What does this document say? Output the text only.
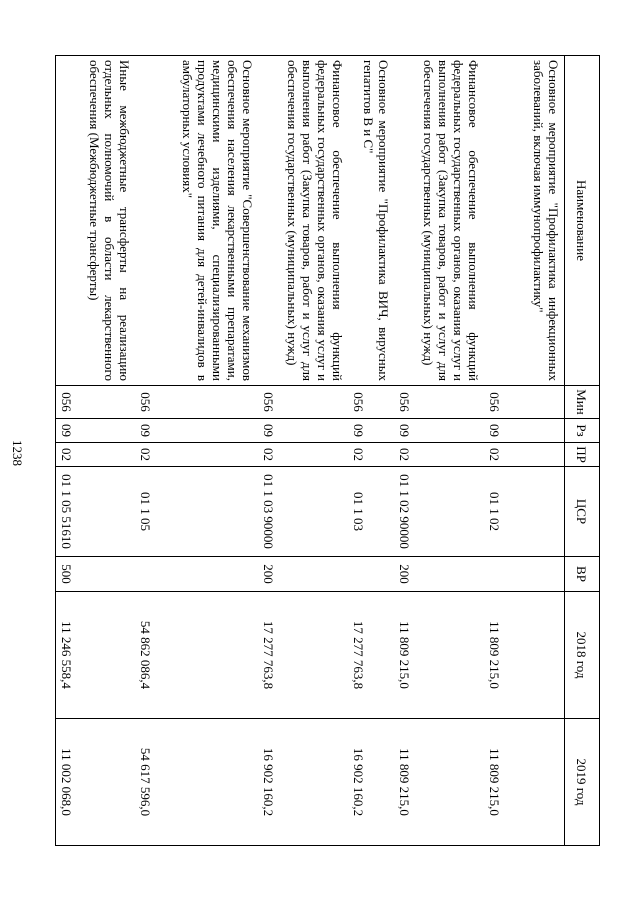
1238
Наименование	Мин	Рз	ПР	ЦСР	ВР	2018 год	2019 год
Основное мероприятие "Профилактика инфекционных заболеваний, включая иммунопрофилактику"	056	09	02	01 1 02		11 809 215,0	11 809 215,0
Финансовое обеспечение выполнения функций федеральных государственных органов, оказания услуг и выполнения работ (Закупка товаров, работ и услуг для обеспечения государственных (муниципальных) нужд)	056	09	02	01 1 02 90000	200	11 809 215,0	11 809 215,0
Основное мероприятие "Профилактика ВИЧ, вирусных гепатитов В и С"	056	09	02	01 1 03		17 277 763,8	16 902 160,2
Финансовое обеспечение выполнения функций федеральных государственных органов, оказания услуг и выполнения работ (Закупка товаров, работ и услуг для обеспечения государственных (муниципальных) нужд)	056	09	02	01 1 03 90000	200	17 277 763,8	16 902 160,2
Основное мероприятие "Совершенствование механизмов обеспечения населения лекарственными препаратами, медицинскими изделиями, специализированными продуктами лечебного питания для детей-инвалидов в амбулаторных условиях"	056	09	02	01 1 05		54 862 086,4	54 617 596,0
Иные межбюджетные трансферты на реализацию отдельных полномочий в области лекарственного обеспечения (Межбюджетные трансферты)	056	09	02	01 1 05 51610	500	11 246 558,4	11 002 068,0
